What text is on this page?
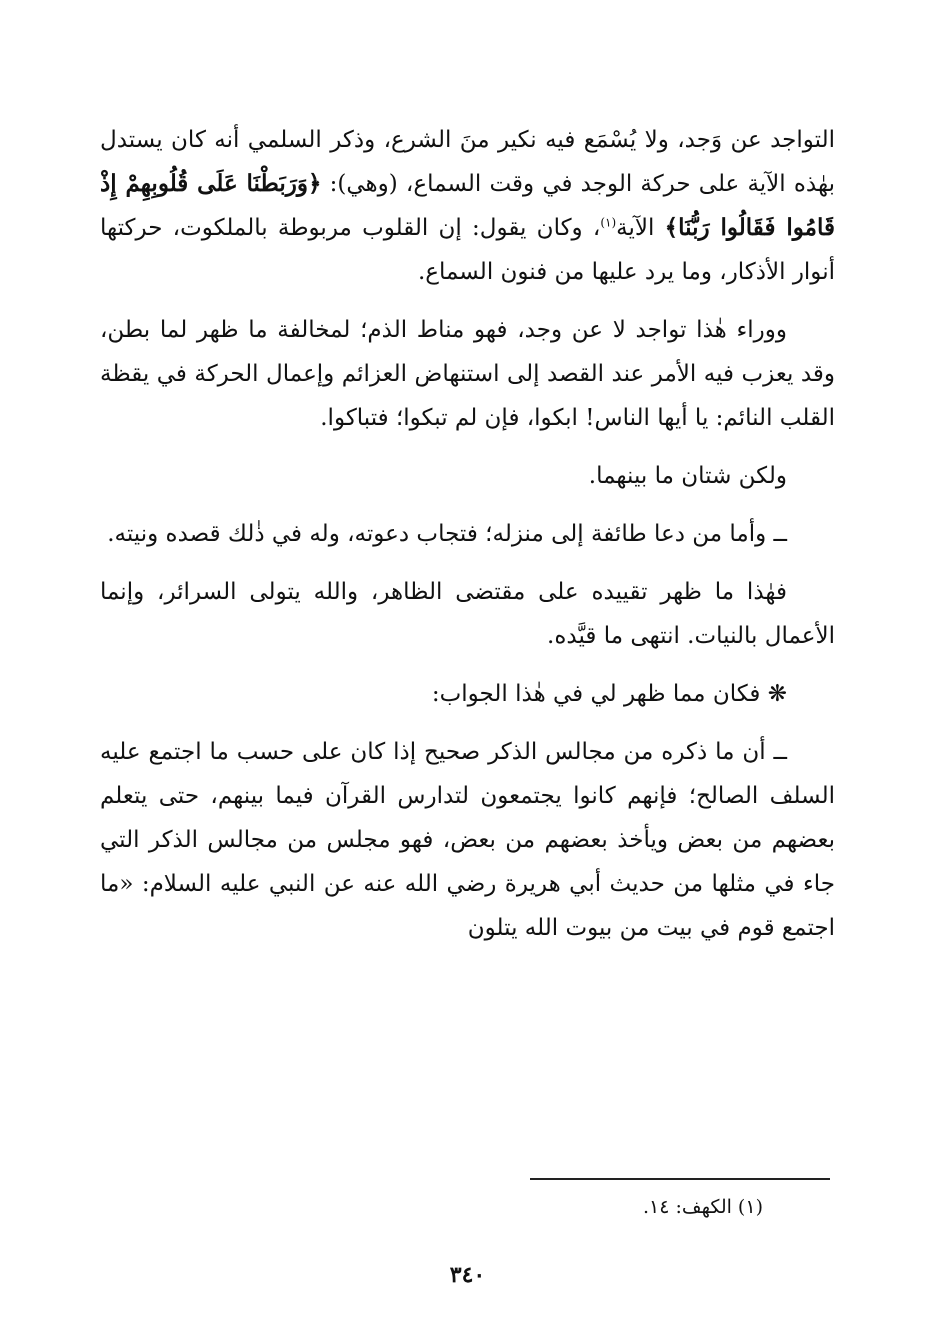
التواجد عن وَجد، ولا يُسْمَع فيه نكير منَ الشرع، وذكر السلمي أنه كان يستدل بهٰذه الآية على حركة الوجد في وقت السماع، (وهي): ﴿وَرَبَطْنَا عَلَى قُلُوبِهِمْ إِذْ قَامُوا فَقَالُوا رَبُّنَا﴾ الآية$^{(١)}$، وكان يقول: إن القلوب مربوطة بالملكوت، حركتها أنوار الأذكار، وما يرد عليها من فنون السماع.

ووراء هٰذا تواجد لا عن وجد، فهو مناط الذم؛ لمخالفة ما ظهر لما بطن، وقد يعزب فيه الأمر عند القصد إلى استنهاض العزائم وإعمال الحركة في يقظة القلب النائم: يا أيها الناس! ابكوا، فإن لم تبكوا؛ فتباكوا.

ولكن شتان ما بينهما.

ــ وأما من دعا طائفة إلى منزله؛ فتجاب دعوته، وله في ذٰلك قصده ونيته.

فهٰذا ما ظهر تقييده على مقتضى الظاهر، والله يتولى السرائر، وإنما الأعمال بالنيات. انتهى ما قيَّده.

❋ فكان مما ظهر لي في هٰذا الجواب:

ــ أن ما ذكره من مجالس الذكر صحيح إذا كان على حسب ما اجتمع عليه السلف الصالح؛ فإنهم كانوا يجتمعون لتدارس القرآن فيما بينهم، حتى يتعلم بعضهم من بعض ويأخذ بعضهم من بعض، فهو مجلس من مجالس الذكر التي جاء في مثلها من حديث أبي هريرة رضي الله عنه عن النبي عليه السلام: «ما اجتمع قوم في بيت من بيوت الله يتلون

(١) الكهف: ١٤.
٣٤٠
